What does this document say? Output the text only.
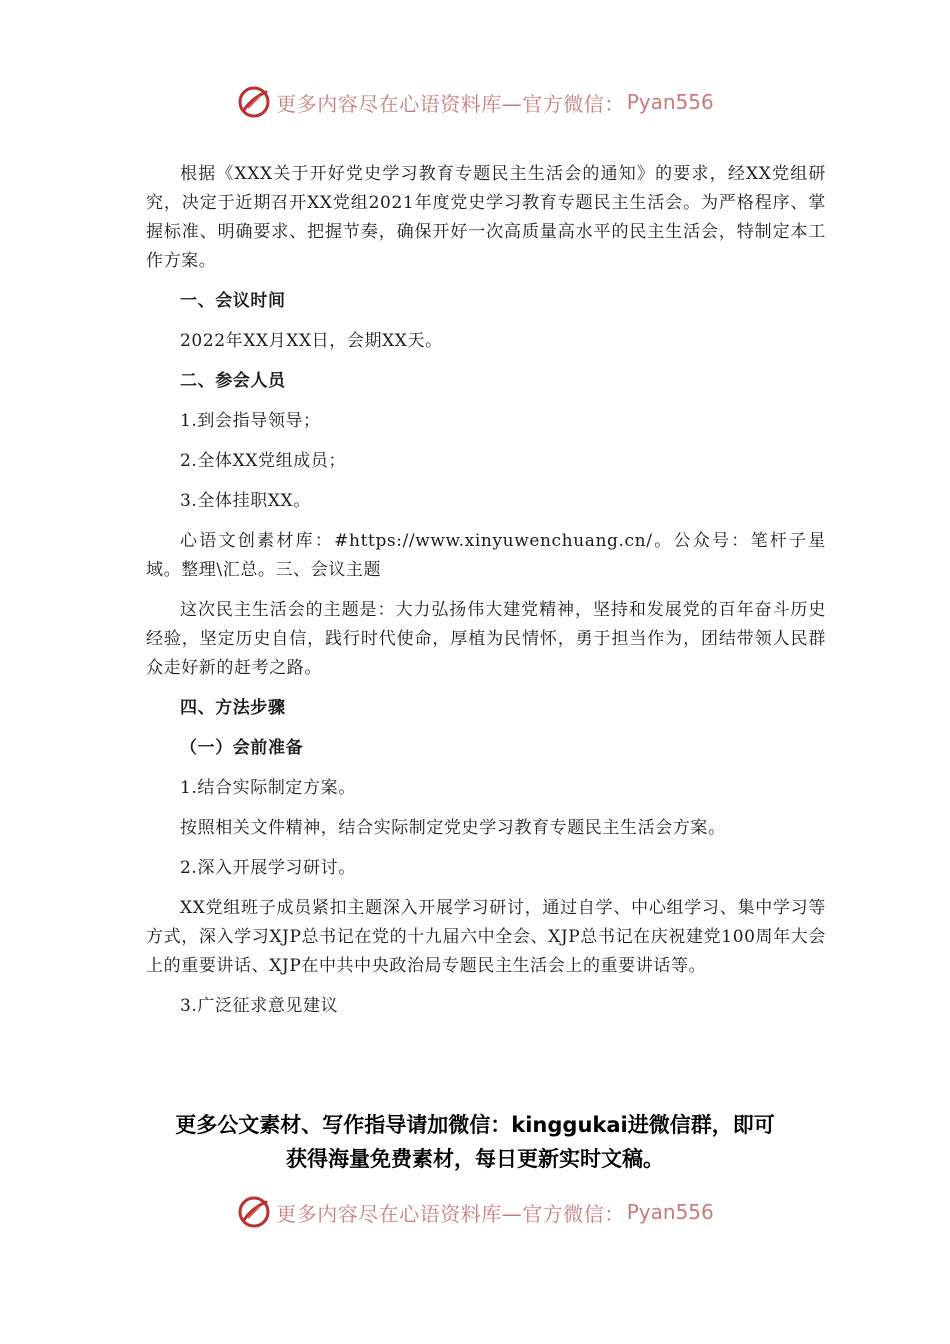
更多内容尽在心语资料库—官方微信： Pyan556

根据《XXX关于开好党史学习教育专题民主生活会的通知》的要求，经XX党组研究，决定于近期召开XX党组2021年度党史学习教育专题民主生活会。为严格程序、掌握标准、明确要求、把握节奏，确保开好一次高质量高水平的民主生活会，特制定本工作方案。

一、会议时间

2022年XX月XX日，会期XX天。

二、参会人员

1.到会指导领导；

2.全体XX党组成员；

3.全体挂职XX。

心语文创素材库：#https://www.xinyuwenchuang.cn/。公众号：笔杆子星域。整理\汇总。三、会议主题

这次民主生活会的主题是：大力弘扬伟大建党精神，坚持和发展党的百年奋斗历史经验，坚定历史自信，践行时代使命，厚植为民情怀，勇于担当作为，团结带领人民群众走好新的赶考之路。

四、方法步骤

（一）会前准备

1.结合实际制定方案。

按照相关文件精神，结合实际制定党史学习教育专题民主生活会方案。

2.深入开展学习研讨。

XX党组班子成员紧扣主题深入开展学习研讨，通过自学、中心组学习、集中学习等方式，深入学习XJP总书记在党的十九届六中全会、XJP总书记在庆祝建党100周年大会上的重要讲话、XJP在中共中央政治局专题民主生活会上的重要讲话等。

3.广泛征求意见建议

更多公文素材、写作指导请加微信：kinggukai进微信群，即可
获得海量免费素材，每日更新实时文稿。
更多内容尽在心语资料库—官方微信： Pyan556
